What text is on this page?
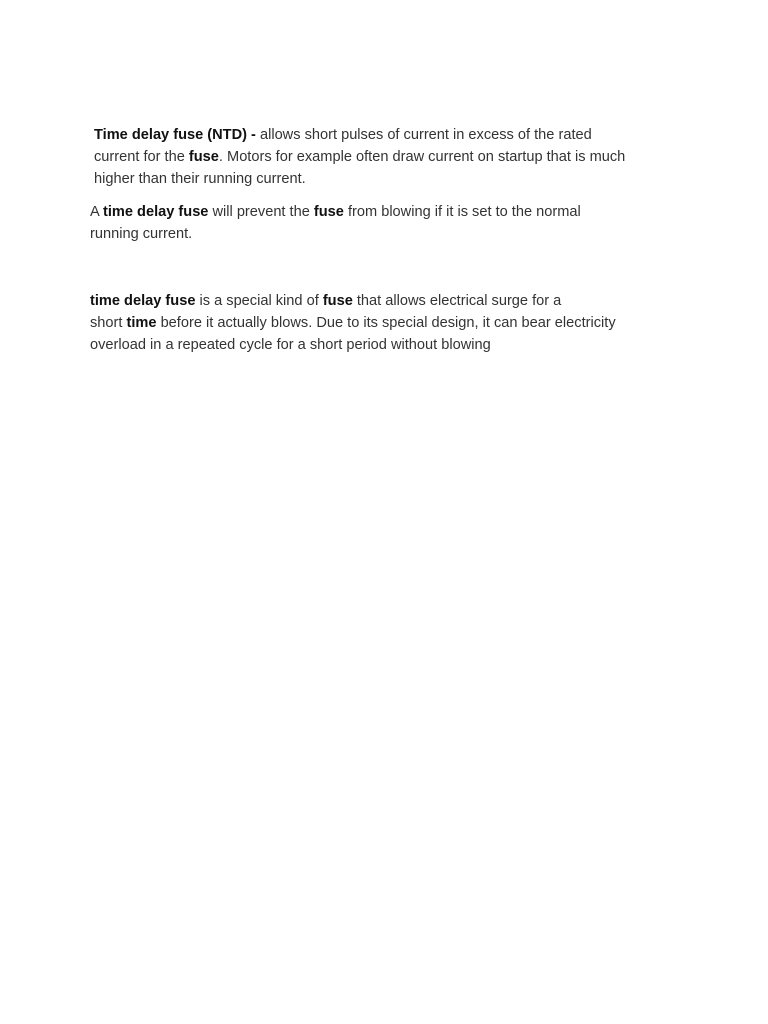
Time delay fuse (NTD) - allows short pulses of current in excess of the rated
current for the fuse. Motors for example often draw current on startup that is much
higher than their running current.

A time delay fuse will prevent the fuse from blowing if it is set to the normal
running current.

time delay fuse is a special kind of fuse that allows electrical surge for a
short time before it actually blows. Due to its special design, it can bear electricity
overload in a repeated cycle for a short period without blowing
